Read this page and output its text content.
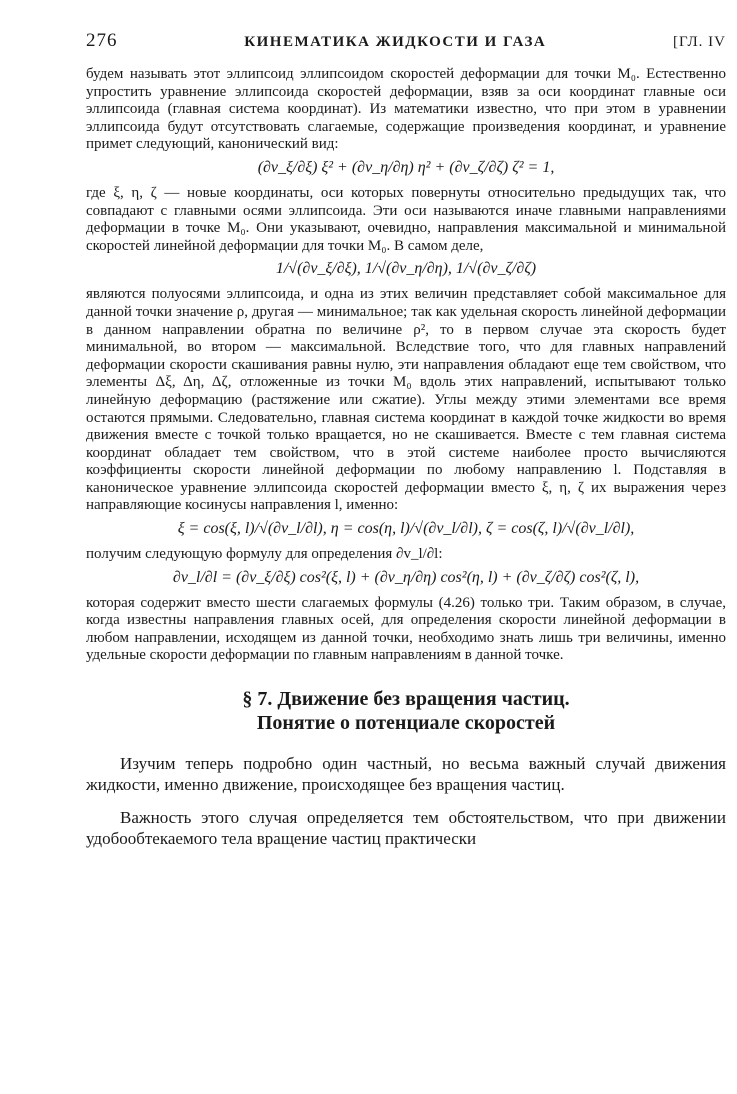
276	КИНЕМАТИКА ЖИДКОСТИ И ГАЗА	[ГЛ. IV

будем называть этот эллипсоид эллипсоидом скоростей деформации для точки M₀. Естественно упростить уравнение эллипсоида скоростей деформации, взяв за оси координат главные оси эллипсоида (главная система координат). Из математики известно, что при этом в уравнении эллипсоида будут отсутствовать слагаемые, содержащие произведения координат, и уравнение примет следующий, канонический вид:

(∂v_ξ/∂ξ) ξ² + (∂v_η/∂η) η² + (∂v_ζ/∂ζ) ζ² = 1,

где ξ, η, ζ — новые координаты, оси которых повернуты относительно предыдущих так, что совпадают с главными осями эллипсоида. Эти оси называются иначе главными направлениями деформации в точке M₀. Они указывают, очевидно, направления максимальной и минимальной скоростей линейной деформации для точки M₀. В самом деле,

1/√(∂v_ξ/∂ξ), 1/√(∂v_η/∂η), 1/√(∂v_ζ/∂ζ)

являются полуосями эллипсоида, и одна из этих величин представляет собой максимальное для данной точки значение ρ, другая — минимальное; так как удельная скорость линейной деформации в данном направлении обратна по величине ρ², то в первом случае эта скорость будет минимальной, во втором — максимальной. Вследствие того, что для главных направлений деформации скорости скашивания равны нулю, эти направления обладают еще тем свойством, что элементы Δξ, Δη, Δζ, отложенные из точки M₀ вдоль этих направлений, испытывают только линейную деформацию (растяжение или сжатие). Углы между этими элементами все время остаются прямыми. Следовательно, главная система координат в каждой точке жидкости во время движения вместе с точкой только вращается, но не скашивается. Вместе с тем главная система координат обладает тем свойством, что в этой системе наиболее просто вычисляются коэффициенты скорости линейной деформации по любому направлению l. Подставляя в каноническое уравнение эллипсоида скоростей деформации вместо ξ, η, ζ их выражения через направляющие косинусы направления l, именно:

ξ = cos(ξ, l)/√(∂v_l/∂l), η = cos(η, l)/√(∂v_l/∂l), ζ = cos(ζ, l)/√(∂v_l/∂l),

получим следующую формулу для определения ∂v_l/∂l:

∂v_l/∂l = (∂v_ξ/∂ξ) cos²(ξ, l) + (∂v_η/∂η) cos²(η, l) + (∂v_ζ/∂ζ) cos²(ζ, l),

которая содержит вместо шести слагаемых формулы (4.26) только три. Таким образом, в случае, когда известны направления главных осей, для определения скорости линейной деформации в любом направлении, исходящем из данной точки, необходимо знать лишь три величины, именно удельные скорости деформации по главным направлениям в данной точке.

§ 7. Движение без вращения частиц.
Понятие о потенциале скоростей

Изучим теперь подробно один частный, но весьма важный случай движения жидкости, именно движение, происходящее без вращения частиц.

Важность этого случая определяется тем обстоятельством, что при движении удобообтекаемого тела вращение частиц практически
